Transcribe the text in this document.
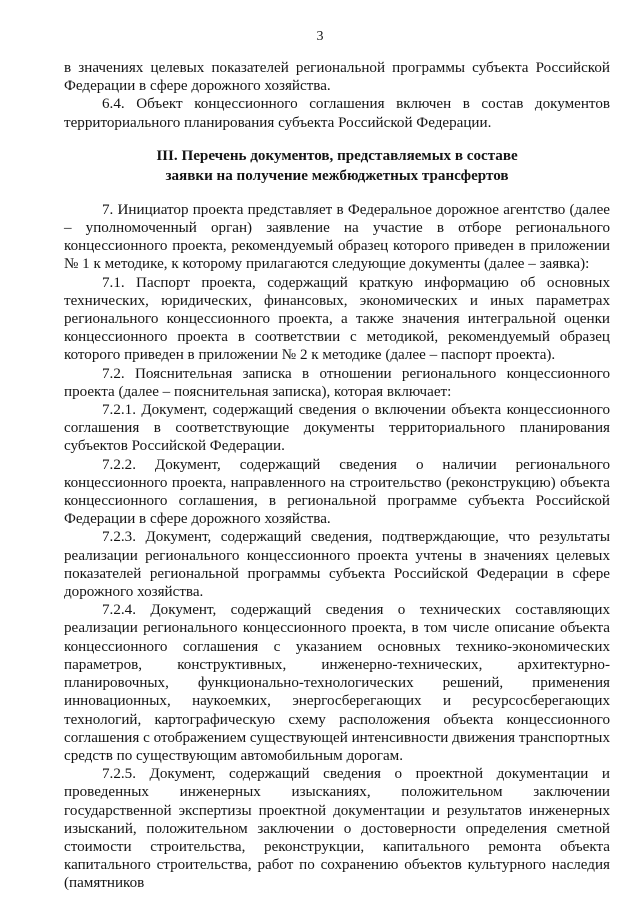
3

в значениях целевых показателей региональной программы субъекта Российской Федерации в сфере дорожного хозяйства.

6.4. Объект концессионного соглашения включен в состав документов территориального планирования субъекта Российской Федерации.

III. Перечень документов, представляемых в составе
заявки на получение межбюджетных трансфертов

7. Инициатор проекта представляет в Федеральное дорожное агентство (далее – уполномоченный орган) заявление на участие в отборе регионального концессионного проекта, рекомендуемый образец которого приведен в приложении № 1 к методике, к которому прилагаются следующие документы (далее – заявка):

7.1. Паспорт проекта, содержащий краткую информацию об основных технических, юридических, финансовых, экономических и иных параметрах регионального концессионного проекта, а также значения интегральной оценки концессионного проекта в соответствии с методикой, рекомендуемый образец которого приведен в приложении № 2 к методике (далее – паспорт проекта).

7.2. Пояснительная записка в отношении регионального концессионного проекта (далее – пояснительная записка), которая включает:

7.2.1. Документ, содержащий сведения о включении объекта концессионного соглашения в соответствующие документы территориального планирования субъектов Российской Федерации.

7.2.2. Документ, содержащий сведения о наличии регионального концессионного проекта, направленного на строительство (реконструкцию) объекта концессионного соглашения, в региональной программе субъекта Российской Федерации в сфере дорожного хозяйства.

7.2.3. Документ, содержащий сведения, подтверждающие, что результаты реализации регионального концессионного проекта учтены в значениях целевых показателей региональной программы субъекта Российской Федерации в сфере дорожного хозяйства.

7.2.4. Документ, содержащий сведения о технических составляющих реализации регионального концессионного проекта, в том числе описание объекта концессионного соглашения с указанием основных технико-экономических параметров, конструктивных, инженерно-технических, архитектурно-планировочных, функционально-технологических решений, применения инновационных, наукоемких, энергосберегающих и ресурсосберегающих технологий, картографическую схему расположения объекта концессионного соглашения с отображением существующей интенсивности движения транспортных средств по существующим автомобильным дорогам.

7.2.5. Документ, содержащий сведения о проектной документации и проведенных инженерных изысканиях, положительном заключении государственной экспертизы проектной документации и результатов инженерных изысканий, положительном заключении о достоверности определения сметной стоимости строительства, реконструкции, капитального ремонта объекта капитального строительства, работ по сохранению объектов культурного наследия (памятников
